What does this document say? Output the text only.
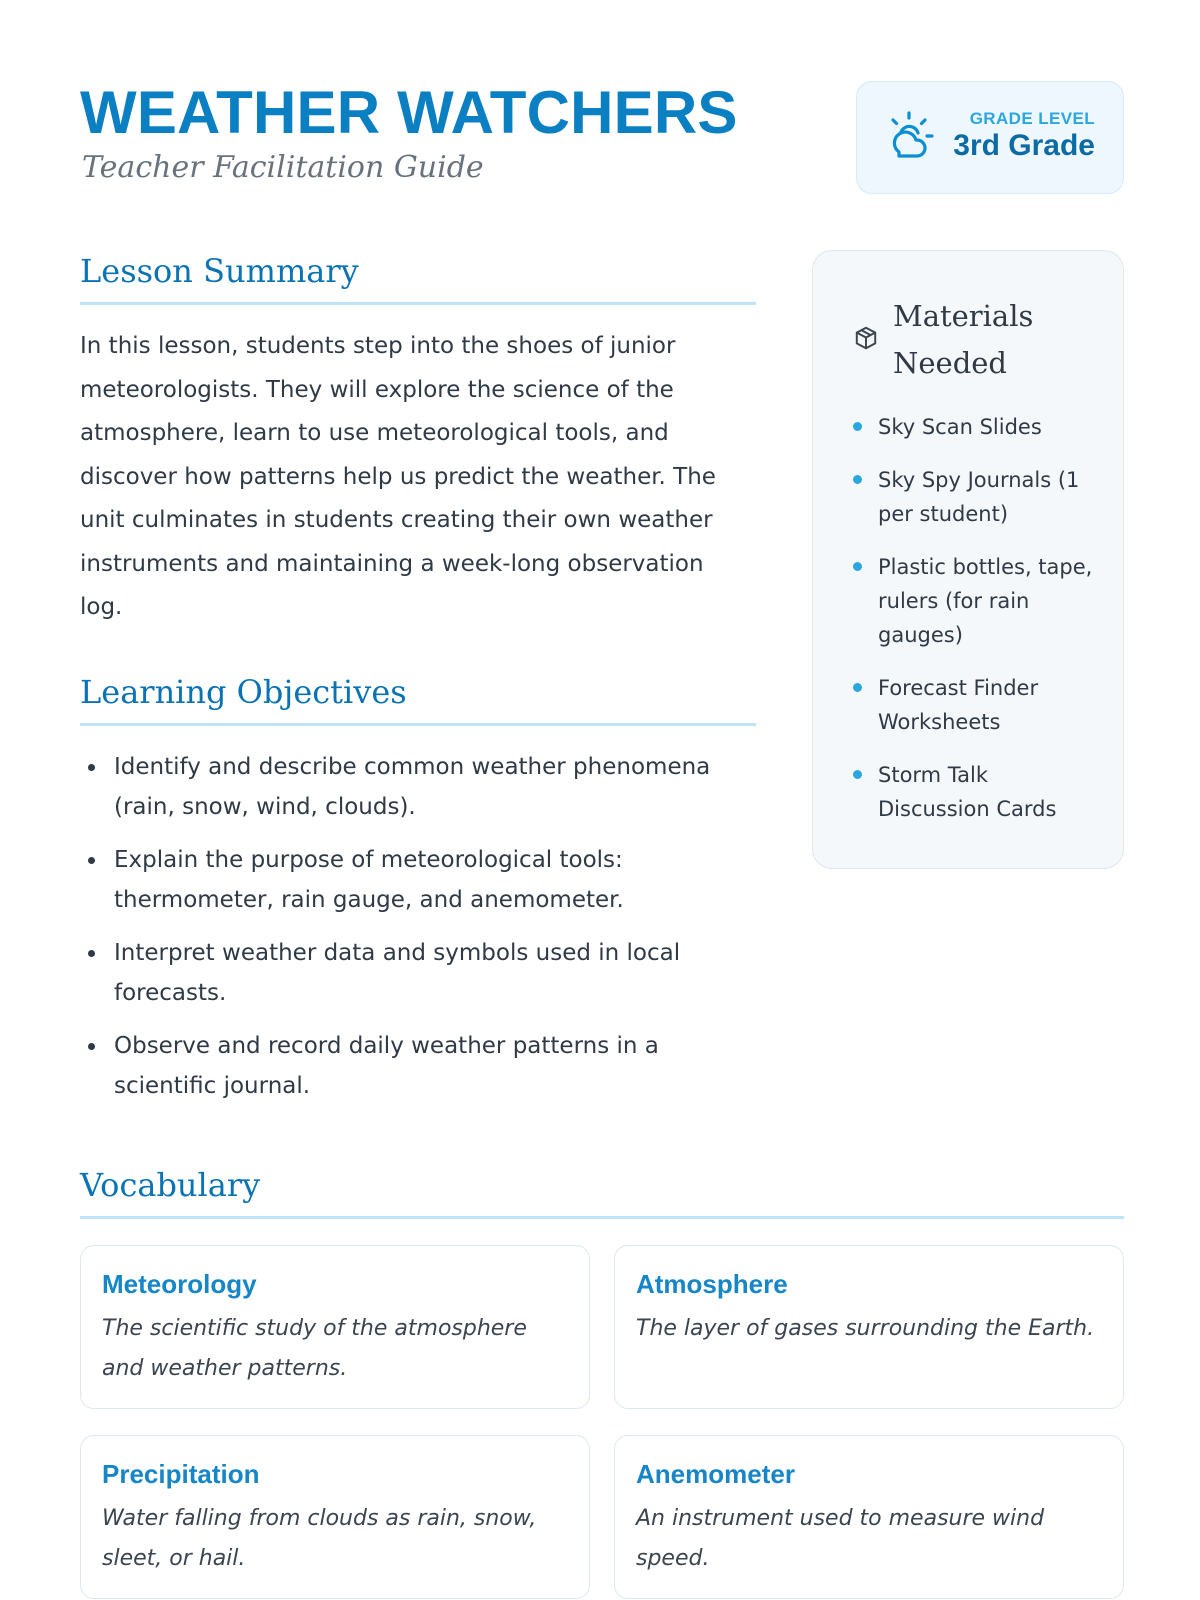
WEATHER WATCHERS
Teacher Facilitation Guide
GRADE LEVEL
3rd Grade
Lesson Summary

In this lesson, students step into the shoes of junior meteorologists. They will explore the science of the atmosphere, learn to use meteorological tools, and discover how patterns help us predict the weather. The unit culminates in students creating their own weather instruments and maintaining a week-long observation log.

Learning Objectives
Identify and describe common weather phenomena (rain, snow, wind, clouds).
Explain the purpose of meteorological tools: thermometer, rain gauge, and anemometer.
Interpret weather data and symbols used in local forecasts.
Observe and record daily weather patterns in a scientific journal.
Materials Needed
Sky Scan Slides
Sky Spy Journals (1 per student)
Plastic bottles, tape, rulers (for rain gauges)
Forecast Finder Worksheets
Storm Talk Discussion Cards
Vocabulary
Meteorology
The scientific study of the atmosphere and weather patterns.
Atmosphere
The layer of gases surrounding the Earth.
Precipitation
Water falling from clouds as rain, snow, sleet, or hail.
Anemometer
An instrument used to measure wind speed.
